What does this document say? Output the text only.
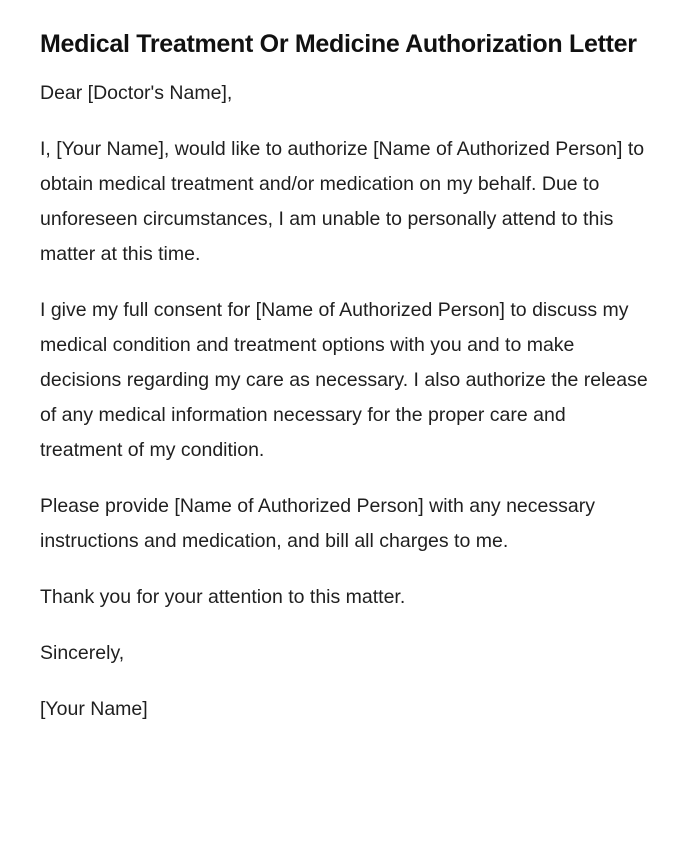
Medical Treatment Or Medicine Authorization Letter

Dear [Doctor's Name],

I, [Your Name], would like to authorize [Name of Authorized Person] to obtain medical treatment and/or medication on my behalf. Due to unforeseen circumstances, I am unable to personally attend to this matter at this time.

I give my full consent for [Name of Authorized Person] to discuss my medical condition and treatment options with you and to make decisions regarding my care as necessary. I also authorize the release of any medical information necessary for the proper care and treatment of my condition.

Please provide [Name of Authorized Person] with any necessary instructions and medication, and bill all charges to me.

Thank you for your attention to this matter.

Sincerely,

[Your Name]
